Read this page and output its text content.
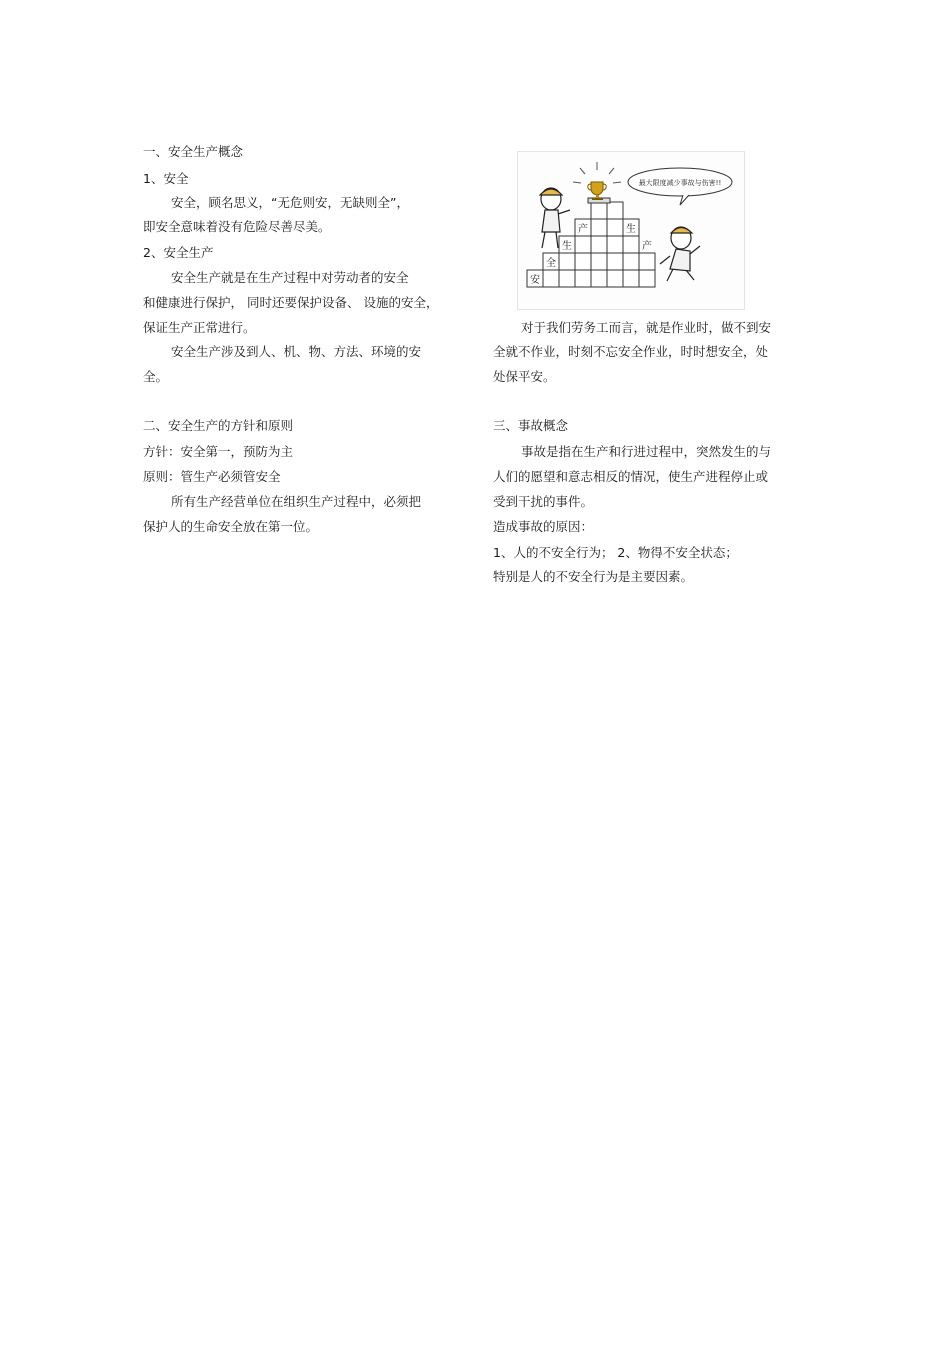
一、安全生产概念
1、安全
安全，顾名思义，“无危则安，无缺则全”，
即安全意味着没有危险尽善尽美。
2、安全生产
安全生产就是在生产过程中对劳动者的安全
和健康进行保护， 同时还要保护设备、 设施的安全，
保证生产正常进行。
安全生产涉及到人、机、物、方法、环境的安
全。
二、安全生产的方针和原则
方针：安全第一，预防为主
原则：管生产必须管安全
所有生产经营单位在组织生产过程中，必须把
保护人的生命安全放在第一位。
最大限度减少事故与伤害!!
安
全
生
产	生
产
对于我们劳务工而言，就是作业时，做不到安
全就不作业，时刻不忘安全作业，时时想安全，处
处保平安。
三、事故概念
事故是指在生产和行进过程中，突然发生的与
人们的愿望和意志相反的情况，使生产进程停止或
受到干扰的事件。
造成事故的原因：
1、人的不安全行为； 2、物得不安全状态；
特别是人的不安全行为是主要因素。
